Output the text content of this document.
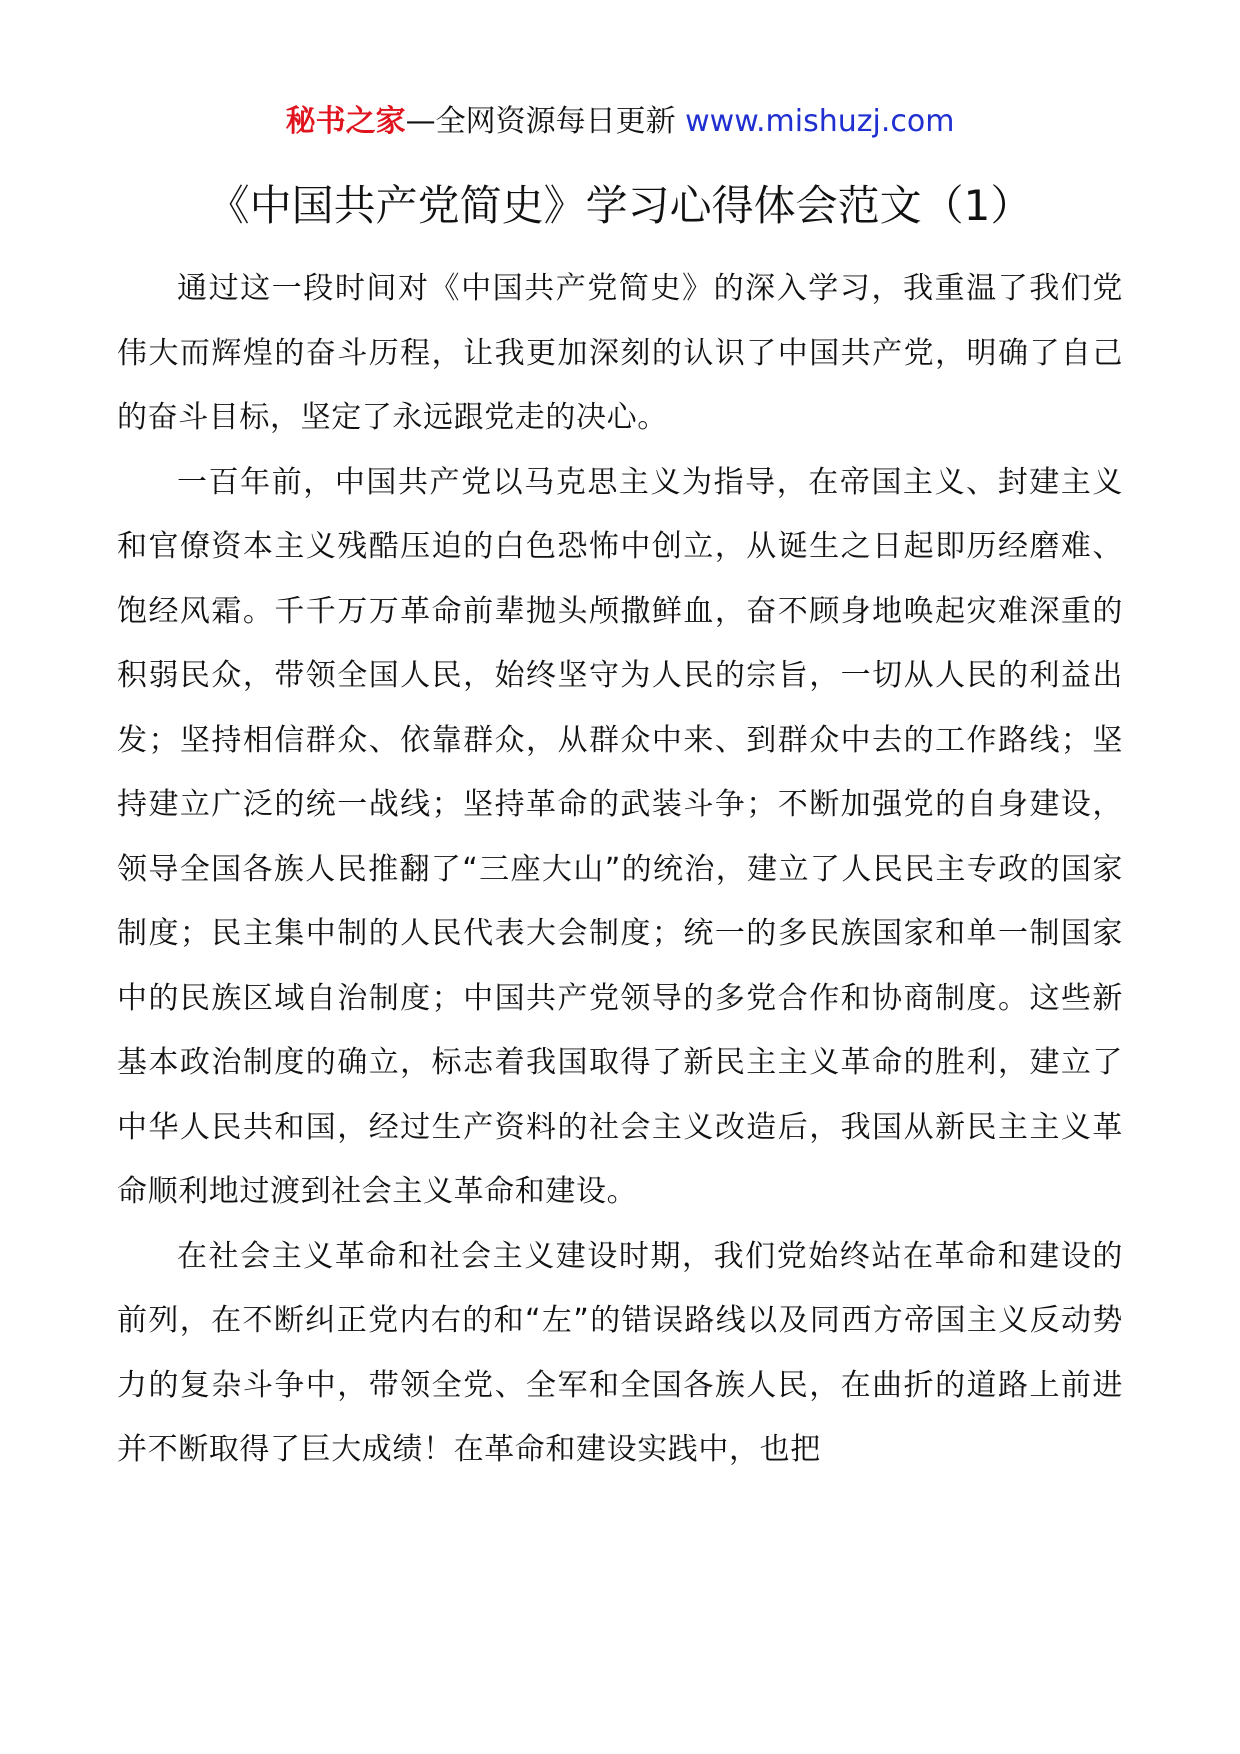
秘书之家—全网资源每日更新 www.mishuzj.com
《中国共产党简史》学习心得体会范文（1）

通过这一段时间对《中国共产党简史》的深入学习，我重温了我们党伟大而辉煌的奋斗历程，让我更加深刻的认识了中国共产党，明确了自己的奋斗目标，坚定了永远跟党走的决心。

一百年前，中国共产党以马克思主义为指导，在帝国主义、封建主义和官僚资本主义残酷压迫的白色恐怖中创立，从诞生之日起即历经磨难、饱经风霜。千千万万革命前辈抛头颅撒鲜血，奋不顾身地唤起灾难深重的积弱民众，带领全国人民，始终坚守为人民的宗旨，一切从人民的利益出发；坚持相信群众、依靠群众，从群众中来、到群众中去的工作路线；坚持建立广泛的统一战线；坚持革命的武装斗争；不断加强党的自身建设，领导全国各族人民推翻了“三座大山”的统治，建立了人民民主专政的国家制度；民主集中制的人民代表大会制度；统一的多民族国家和单一制国家中的民族区域自治制度；中国共产党领导的多党合作和协商制度。这些新基本政治制度的确立，标志着我国取得了新民主主义革命的胜利，建立了中华人民共和国，经过生产资料的社会主义改造后，我国从新民主主义革命顺利地过渡到社会主义革命和建设。

在社会主义革命和社会主义建设时期，我们党始终站在革命和建设的前列，在不断纠正党内右的和“左”的错误路线以及同西方帝国主义反动势力的复杂斗争中，带领全党、全军和全国各族人民，在曲折的道路上前进并不断取得了巨大成绩！在革命和建设实践中，也把
